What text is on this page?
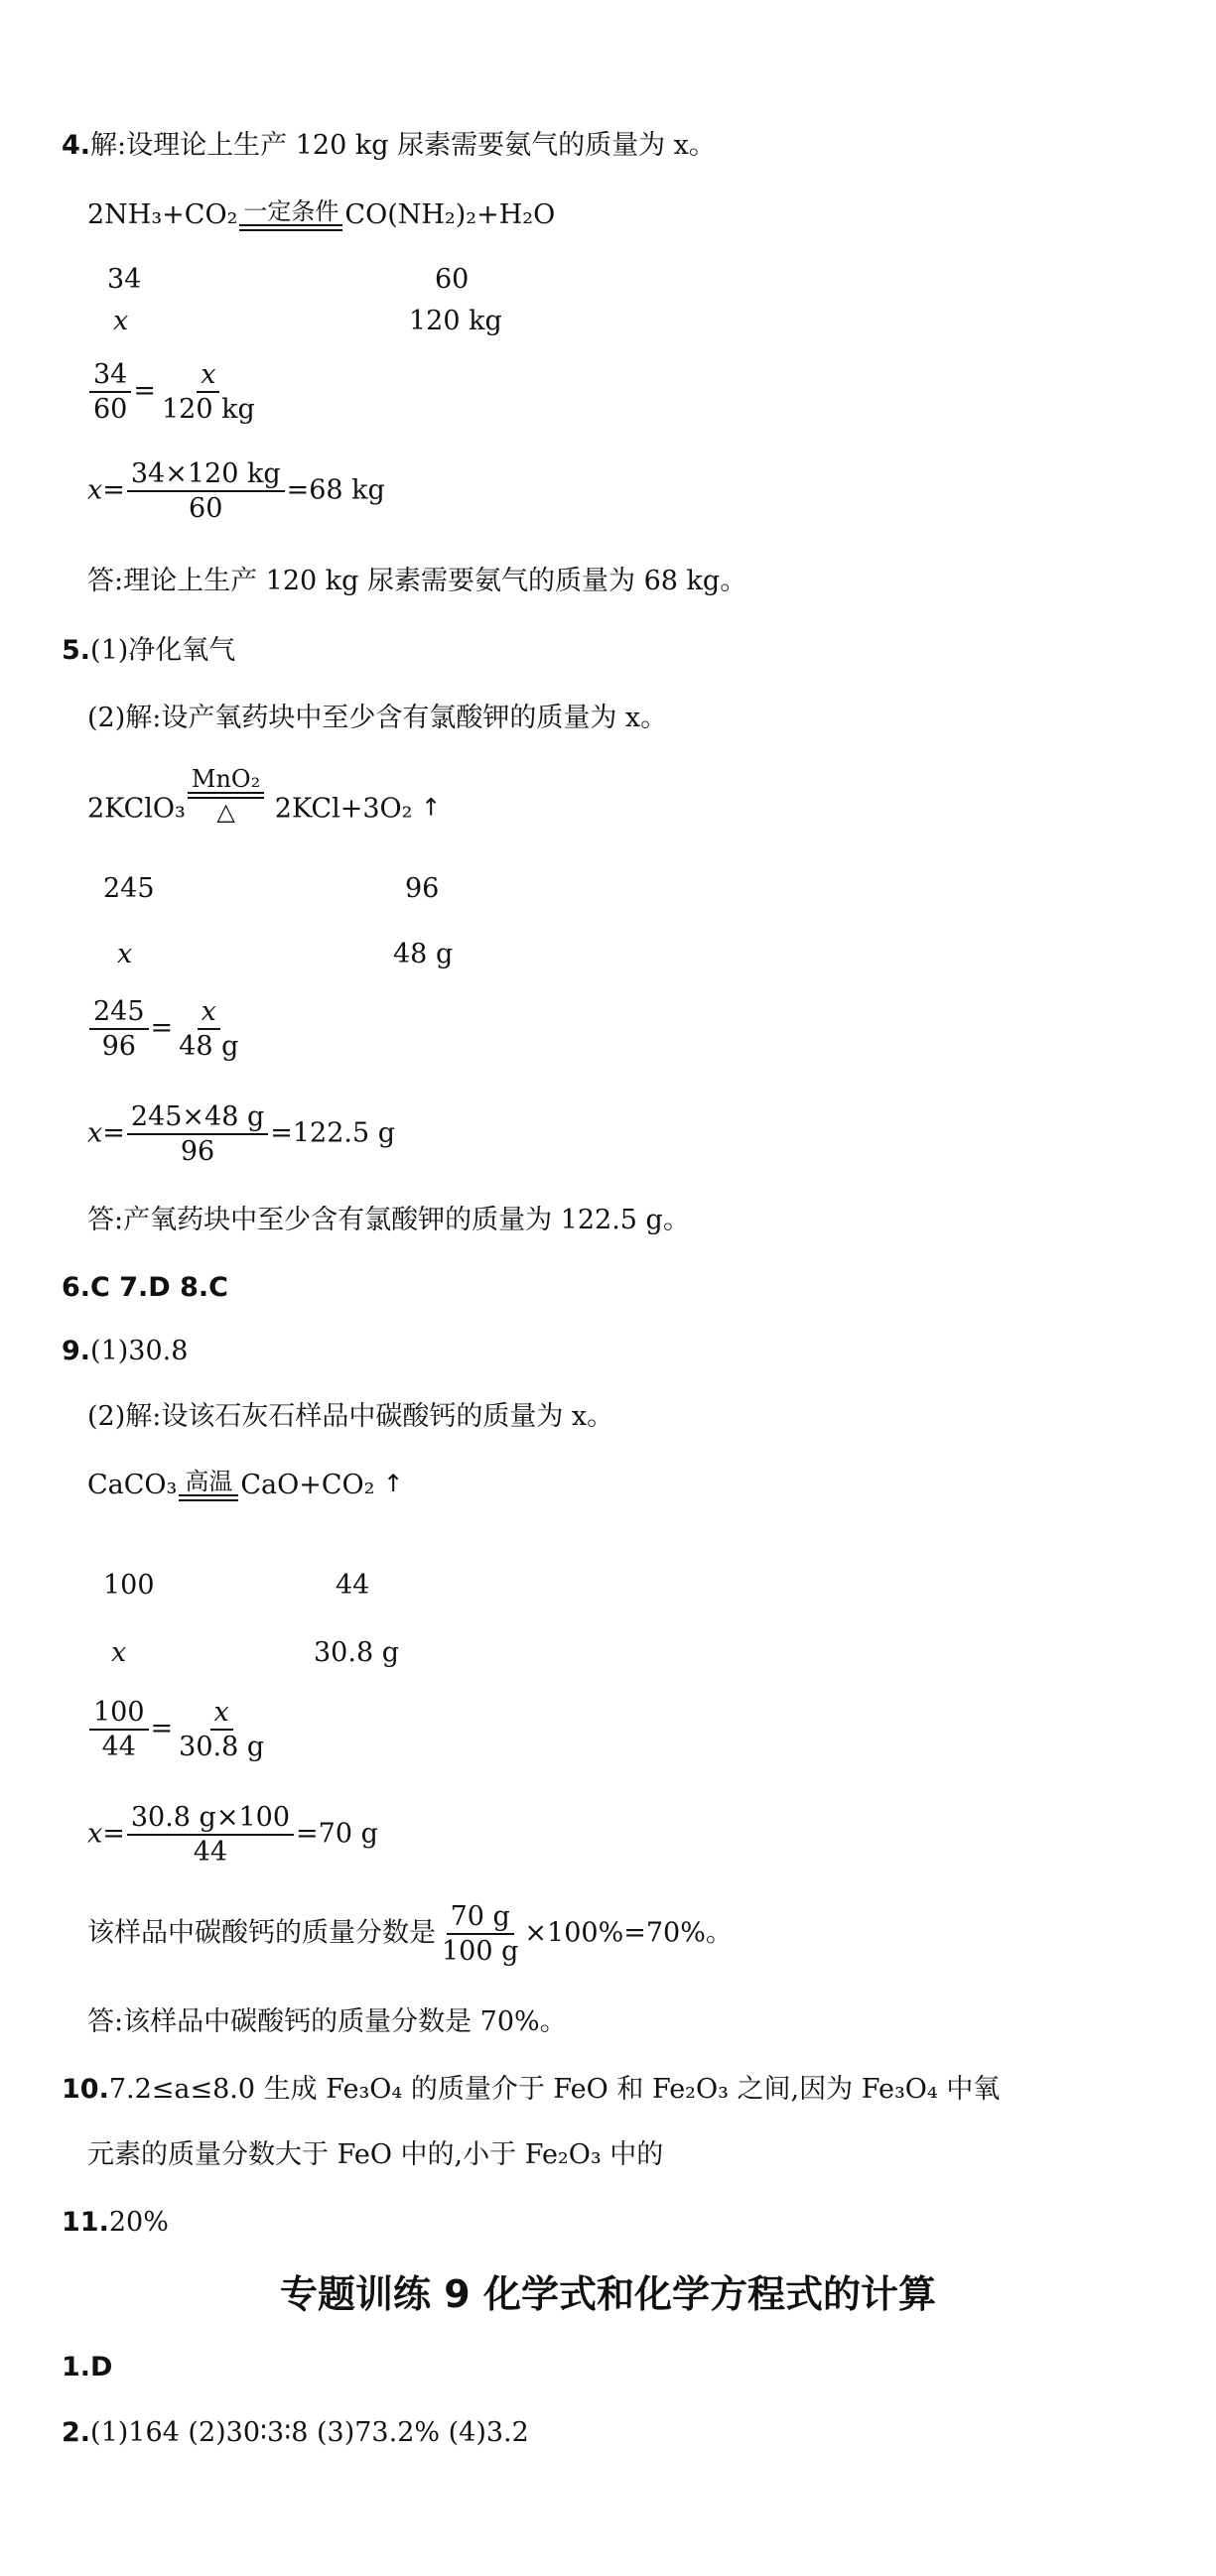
4.解:设理论上生产 120 kg 尿素需要氨气的质量为 x。
2NH₃+CO₂ 一定条件 CO(NH₂)₂+H₂O
34	60
x	120 kg
$\frac{34}{60} = \frac{x}{120 kg}$
$x= \frac{34\times 120 kg}{60} =68$ kg
答:理论上生产 120 kg 尿素需要氨气的质量为 68 kg。
5.(1)净化氧气
(2)解:设产氧药块中至少含有氯酸钾的质量为 x。
2KClO₃
MnO₂
△ 2KCl+3O₂ ↑
245	96
x	48 g
$\frac{245}{96} = \frac{x}{48 g}$
$x= \frac{245\times 48 g}{96} =122.5$ g
答:产氧药块中至少含有氯酸钾的质量为 122.5 g。
6.C 7.D 8.C
9.(1)30.8
(2)解:设该石灰石样品中碳酸钙的质量为 x。
CaCO₃ 高温 CaO+CO₂ ↑
100	44
x	30.8 g
$\frac{100}{44} = \frac{x}{30.8 g}$
$x= \frac{30.8 g\times 100}{44} =70$ g
该样品中碳酸钙的质量分数是 $\frac{70 g}{100 g} \times 100\%=70\%$。
答:该样品中碳酸钙的质量分数是 70%。
10.7.2≤a≤8.0 生成 Fe₃O₄ 的质量介于 FeO 和 Fe₂O₃ 之间,因为 Fe₃O₄ 中氧
元素的质量分数大于 FeO 中的,小于 Fe₂O₃ 中的
11.20%
专题训练 9 化学式和化学方程式的计算
1.D
2.(1)164 (2)30∶3∶8 (3)73.2% (4)3.2
